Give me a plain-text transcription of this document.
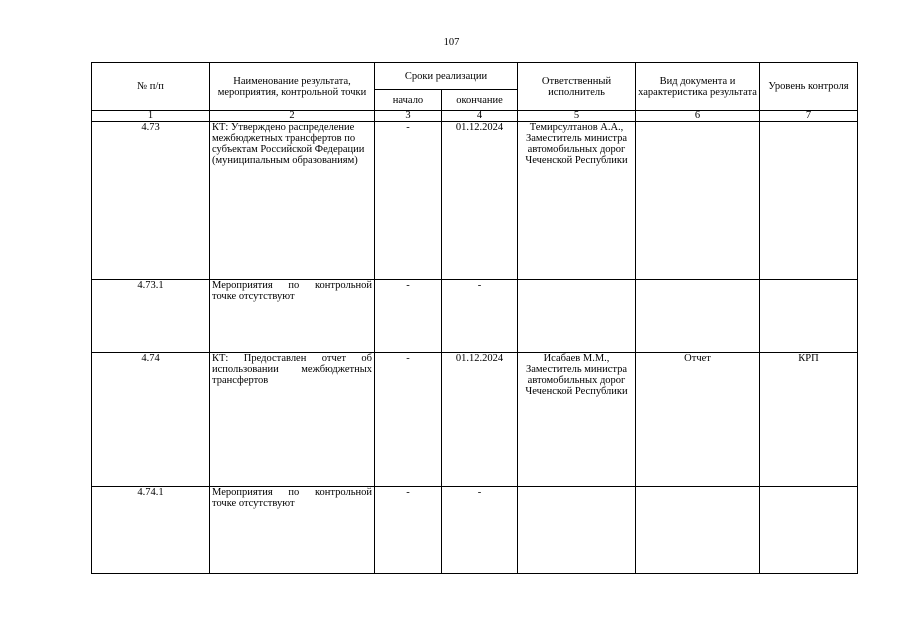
107
№ п/п	Наименование результата, мероприятия, контрольной точки	Сроки реализации		Ответственный исполнитель	Вид документа и характеристика результата	Уровень контроля
		начало	окончание			
1	2	3	4	5	6	7
4.73	КТ: Утверждено распределение межбюджетных трансфертов по субъектам Российской Федерации (муниципальным образованиям)	-	01.12.2024	Темирсултанов А.А., Заместитель министра автомобильных дорог Чеченской Республики		
4.73.1	Мероприятия по контрольной точке отсутствуют	-	-			
4.74	КТ: Предоставлен отчет об использовании межбюджетных трансфертов	-	01.12.2024	Исабаев М.М., Заместитель министра автомобильных дорог Чеченской Республики	Отчет	КРП
4.74.1	Мероприятия по контрольной точке отсутствуют	-	-			
